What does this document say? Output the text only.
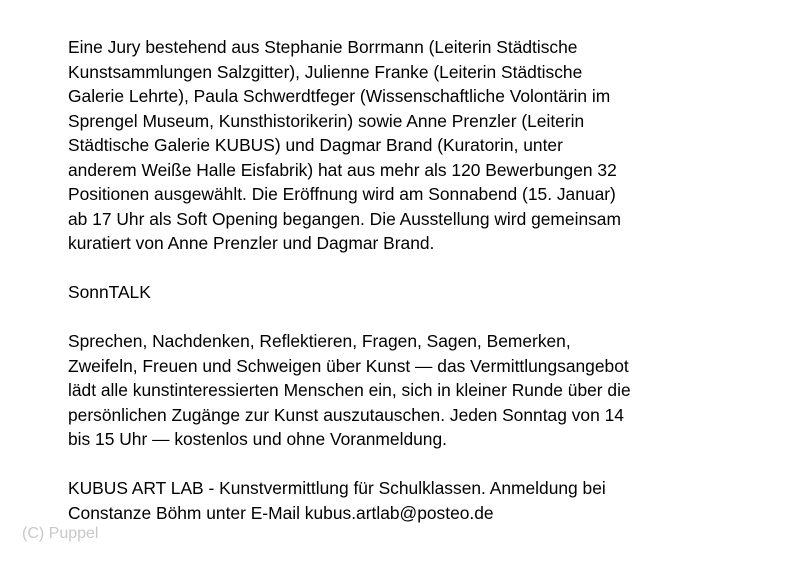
Eine Jury bestehend aus Stephanie Borrmann (Leiterin Städtische
Kunstsammlungen Salzgitter), Julienne Franke (Leiterin Städtische
Galerie Lehrte), Paula Schwerdtfeger (Wissenschaftliche Volontärin im
Sprengel Museum, Kunsthistorikerin) sowie Anne Prenzler (Leiterin
Städtische Galerie KUBUS) und Dagmar Brand (Kuratorin, unter
anderem Weiße Halle Eisfabrik) hat aus mehr als 120 Bewerbungen 32
Positionen ausgewählt. Die Eröffnung wird am Sonnabend (15. Januar)
ab 17 Uhr als Soft Opening begangen. Die Ausstellung wird gemeinsam
kuratiert von Anne Prenzler und Dagmar Brand.

SonnTALK

Sprechen, Nachdenken, Reflektieren, Fragen, Sagen, Bemerken,
Zweifeln, Freuen und Schweigen über Kunst — das Vermittlungsangebot
lädt alle kunstinteressierten Menschen ein, sich in kleiner Runde über die
persönlichen Zugänge zur Kunst auszutauschen. Jeden Sonntag von 14
bis 15 Uhr — kostenlos und ohne Voranmeldung.

KUBUS ART LAB - Kunstvermittlung für Schulklassen. Anmeldung bei
Constanze Böhm unter E-Mail kubus.artlab@posteo.de

(C) Puppel
